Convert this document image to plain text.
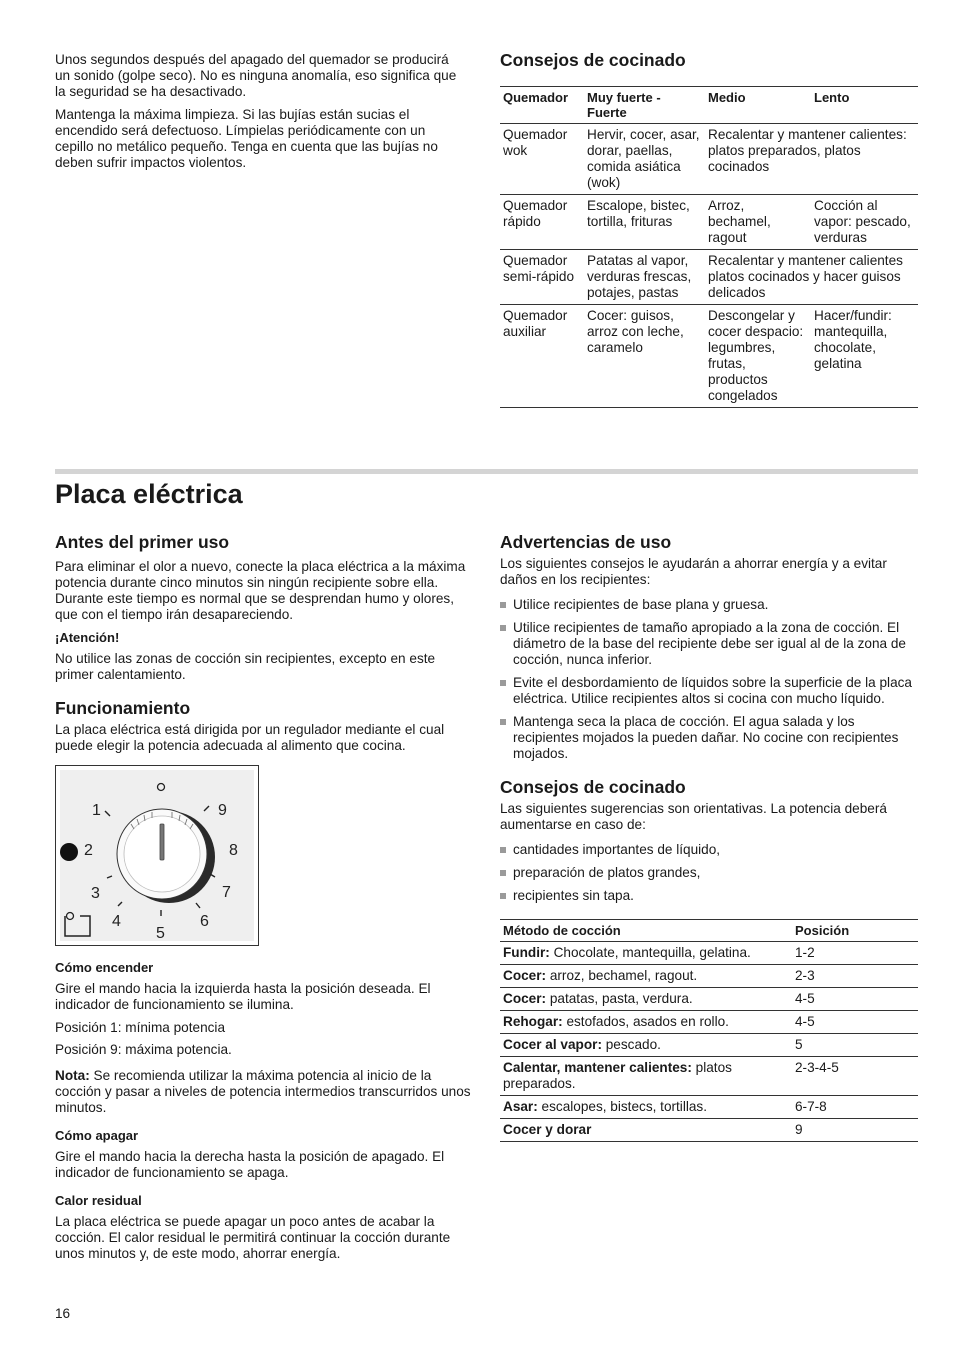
Unos segundos después del apagado del quemador se producirá un sonido (golpe seco). No es ninguna anomalía, eso significa que la seguridad se ha desactivado.

Mantenga la máxima limpieza. Si las bujías están sucias el encendido será defectuoso. Límpielas periódicamente con un cepillo no metálico pequeño. Tenga en cuenta que las bujías no deben sufrir impactos violentos.

Consejos de cocinado
Quemador	Muy fuerte - Fuerte	Medio	Lento
Quemador wok	Hervir, cocer, asar, dorar, paellas, comida asiática (wok)	Recalentar y mantener calientes: platos preparados, platos cocinados	
Quemador rápido	Escalope, bistec, tortilla, frituras	Arroz, bechamel, ragout	Cocción al vapor: pescado, verduras
Quemador semi-rápido	Patatas al vapor, verduras frescas, potajes, pastas	Recalentar y mantener calientes platos cocinados y hacer guisos delicados	
Quemador auxiliar	Cocer: guisos, arroz con leche, caramelo	Descongelar y cocer despacio: legumbres, frutas, productos congelados	Hacer/fundir: mantequilla, chocolate, gelatina
Placa eléctrica
Antes del primer uso

Para eliminar el olor a nuevo, conecte la placa eléctrica a la máxima potencia durante cinco minutos sin ningún recipiente sobre ella. Durante este tiempo es normal que se desprendan humo y olores, que con el tiempo irán desapareciendo.

¡Atención!

No utilice las zonas de cocción sin recipientes, excepto en este primer calentamiento.

Funcionamiento

La placa eléctrica está dirigida por un regulador mediante el cual puede elegir la potencia adecuada al alimento que cocina.

1
2
3
4
5
6
7
8
9
Cómo encender

Gire el mando hacia la izquierda hasta la posición deseada. El indicador de funcionamiento se ilumina.

Posición 1: mínima potencia

Posición 9: máxima potencia.

Nota: Se recomienda utilizar la máxima potencia al inicio de la cocción y pasar a niveles de potencia intermedios transcurridos unos minutos.

Cómo apagar

Gire el mando hacia la derecha hasta la posición de apagado. El indicador de funcionamiento se apaga.

Calor residual

La placa eléctrica se puede apagar un poco antes de acabar la cocción. El calor residual le permitirá continuar la cocción durante unos minutos y, de este modo, ahorrar energía.

Advertencias de uso

Los siguientes consejos le ayudarán a ahorrar energía y a evitar daños en los recipientes:

Utilice recipientes de base plana y gruesa.
Utilice recipientes de tamaño apropiado a la zona de cocción. El diámetro de la base del recipiente debe ser igual al de la zona de cocción, nunca inferior.
Evite el desbordamiento de líquidos sobre la superficie de la placa eléctrica. Utilice recipientes altos si cocina con mucho líquido.
Mantenga seca la placa de cocción. El agua salada y los recipientes mojados la pueden dañar. No cocine con recipientes mojados.
Consejos de cocinado

Las siguientes sugerencias son orientativas. La potencia deberá aumentarse en caso de:

cantidades importantes de líquido,
preparación de platos grandes,
recipientes sin tapa.
Método de cocción	Posición
Fundir: Chocolate, mantequilla, gelatina.	1-2
Cocer: arroz, bechamel, ragout.	2-3
Cocer: patatas, pasta, verdura.	4-5
Rehogar: estofados, asados en rollo.	4-5
Cocer al vapor: pescado.	5
Calentar, mantener calientes: platos preparados.	2-3-4-5
Asar: escalopes, bistecs, tortillas.	6-7-8
Cocer y dorar	9
16
